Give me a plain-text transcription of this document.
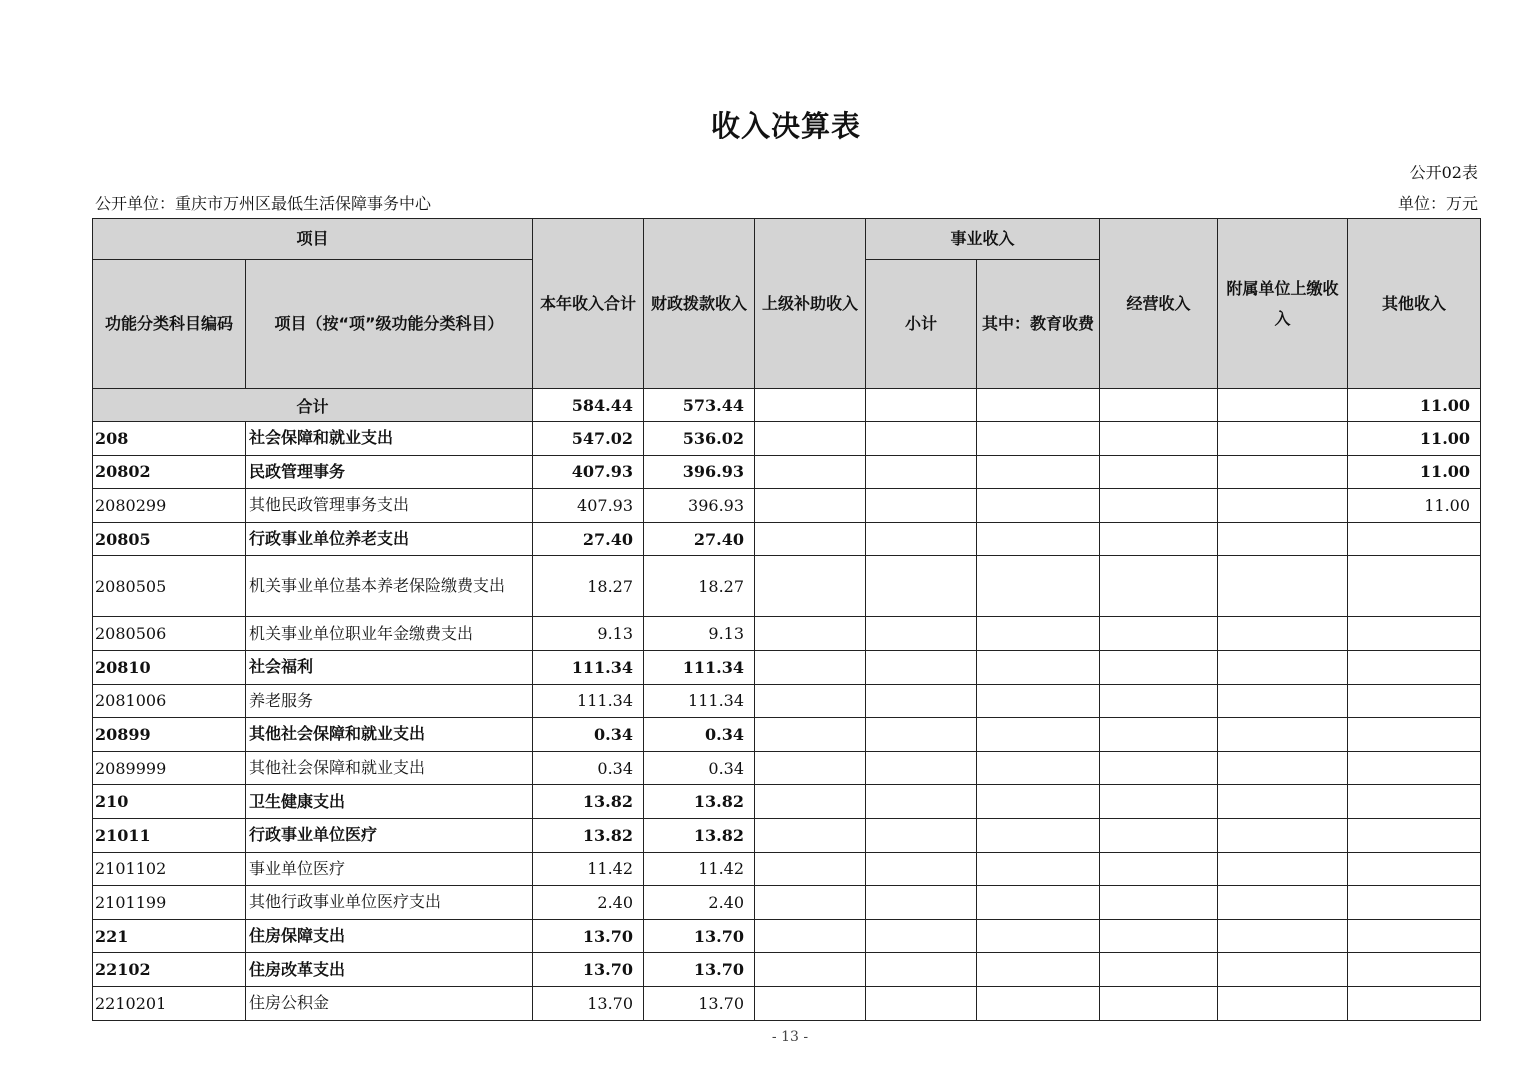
收入决算表
公开02表
公开单位：重庆市万州区最低生活保障事务中心	单位：万元
项目		本年收入合计	财政拨款收入	上级补助收入	事业收入		经营收入	附属单位上缴收入	其他收入
功能分类科目编码	项目（按“项”级功能分类科目）				小计	其中：教育收费			
合计		584.44	573.44						11.00
208	社会保障和就业支出	547.02	536.02						11.00
20802	民政管理事务	407.93	396.93						11.00
2080299	其他民政管理事务支出	407.93	396.93						11.00
20805	行政事业单位养老支出	27.40	27.40						
2080505	机关事业单位基本养老保险缴费支出	18.27	18.27						
2080506	机关事业单位职业年金缴费支出	9.13	9.13						
20810	社会福利	111.34	111.34						
2081006	养老服务	111.34	111.34						
20899	其他社会保障和就业支出	0.34	0.34						
2089999	其他社会保障和就业支出	0.34	0.34						
210	卫生健康支出	13.82	13.82						
21011	行政事业单位医疗	13.82	13.82						
2101102	事业单位医疗	11.42	11.42						
2101199	其他行政事业单位医疗支出	2.40	2.40						
221	住房保障支出	13.70	13.70						
22102	住房改革支出	13.70	13.70						
2210201	住房公积金	13.70	13.70						
- 13 -
